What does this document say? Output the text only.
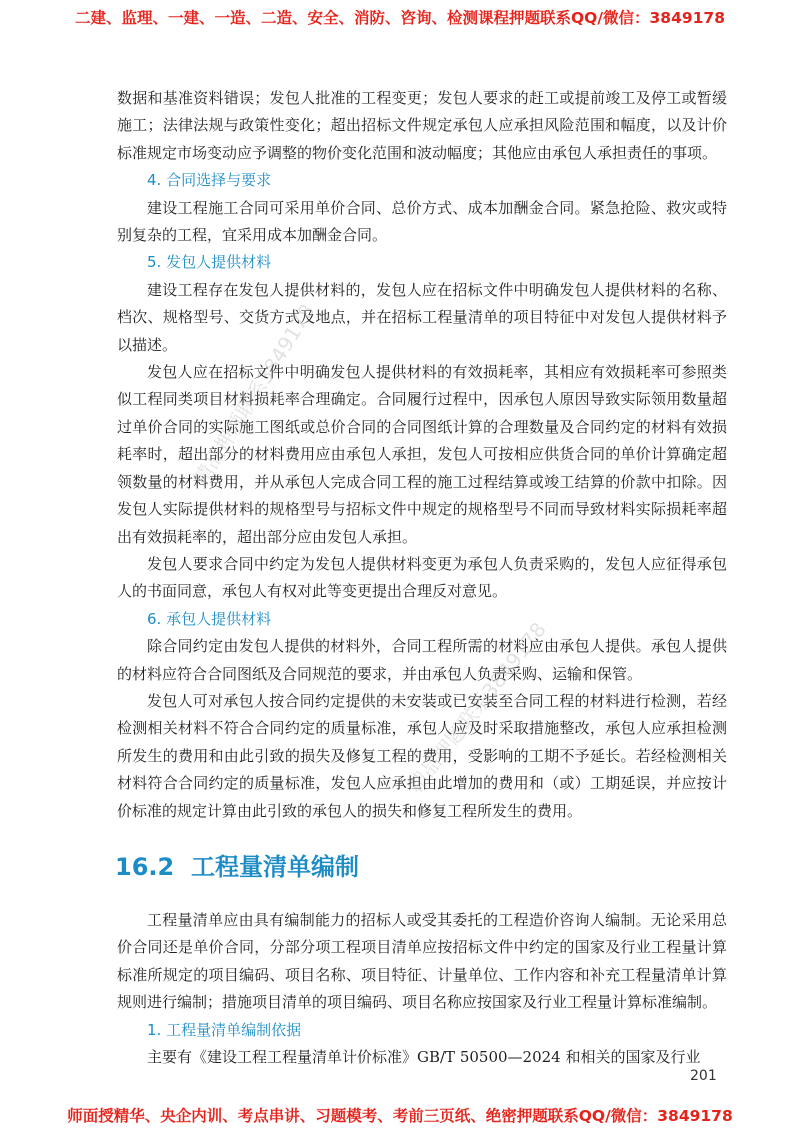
二建、监理、一建、一造、二造、安全、消防、咨询、检测课程押题联系QQ/微信：3849178

数据和基准资料错误；发包人批准的工程变更；发包人要求的赶工或提前竣工及停工或暂缓施工；法律法规与政策性变化；超出招标文件规定承包人应承担风险范围和幅度，以及计价标准规定市场变动应予调整的物价变化范围和波动幅度；其他应由承包人承担责任的事项。

4. 合同选择与要求

建设工程施工合同可采用单价合同、总价方式、成本加酬金合同。紧急抢险、救灾或特别复杂的工程，宜采用成本加酬金合同。

5. 发包人提供材料

建设工程存在发包人提供材料的，发包人应在招标文件中明确发包人提供材料的名称、档次、规格型号、交货方式及地点，并在招标工程量清单的项目特征中对发包人提供材料予以描述。

发包人应在招标文件中明确发包人提供材料的有效损耗率，其相应有效损耗率可参照类似工程同类项目材料损耗率合理确定。合同履行过程中，因承包人原因导致实际领用数量超过单价合同的实际施工图纸或总价合同的合同图纸计算的合理数量及合同约定的材料有效损耗率时，超出部分的材料费用应由承包人承担，发包人可按相应供货合同的单价计算确定超领数量的材料费用，并从承包人完成合同工程的施工过程结算或竣工结算的价款中扣除。因发包人实际提供材料的规格型号与招标文件中规定的规格型号不同而导致材料实际损耗率超出有效损耗率的，超出部分应由发包人承担。

发包人要求合同中约定为发包人提供材料变更为承包人负责采购的，发包人应征得承包人的书面同意，承包人有权对此等变更提出合理反对意见。

6. 承包人提供材料

除合同约定由发包人提供的材料外，合同工程所需的材料应由承包人提供。承包人提供的材料应符合合同图纸及合同规范的要求，并由承包人负责采购、运输和保管。

发包人可对承包人按合同约定提供的未安装或已安装至合同工程的材料进行检测，若经检测相关材料不符合合同约定的质量标准，承包人应及时采取措施整改，承包人应承担检测所发生的费用和由此引致的损失及修复工程的费用，受影响的工期不予延长。若经检测相关材料符合合同约定的质量标准，发包人应承担由此增加的费用和（或）工期延误，并应按计价标准的规定计算由此引致的承包人的损失和修复工程所发生的费用。

16.2 工程量清单编制

工程量清单应由具有编制能力的招标人或受其委托的工程造价咨询人编制。无论采用总价合同还是单价合同，分部分项工程项目清单应按招标文件中约定的国家及行业工程量计算标准所规定的项目编码、项目名称、项目特征、计量单位、工作内容和补充工程量清单计算规则进行编制；措施项目清单的项目编码、项目名称应按国家及行业工程量计算标准编制。

1. 工程量清单编制依据

主要有《建设工程工程量清单计价标准》GB/T 50500—2024 和相关的国家及行业

精品押题联系3849178
精品押题联系3849178
201
师面授精华、央企内训、考点串讲、习题模考、考前三页纸、绝密押题联系QQ/微信：3849178
